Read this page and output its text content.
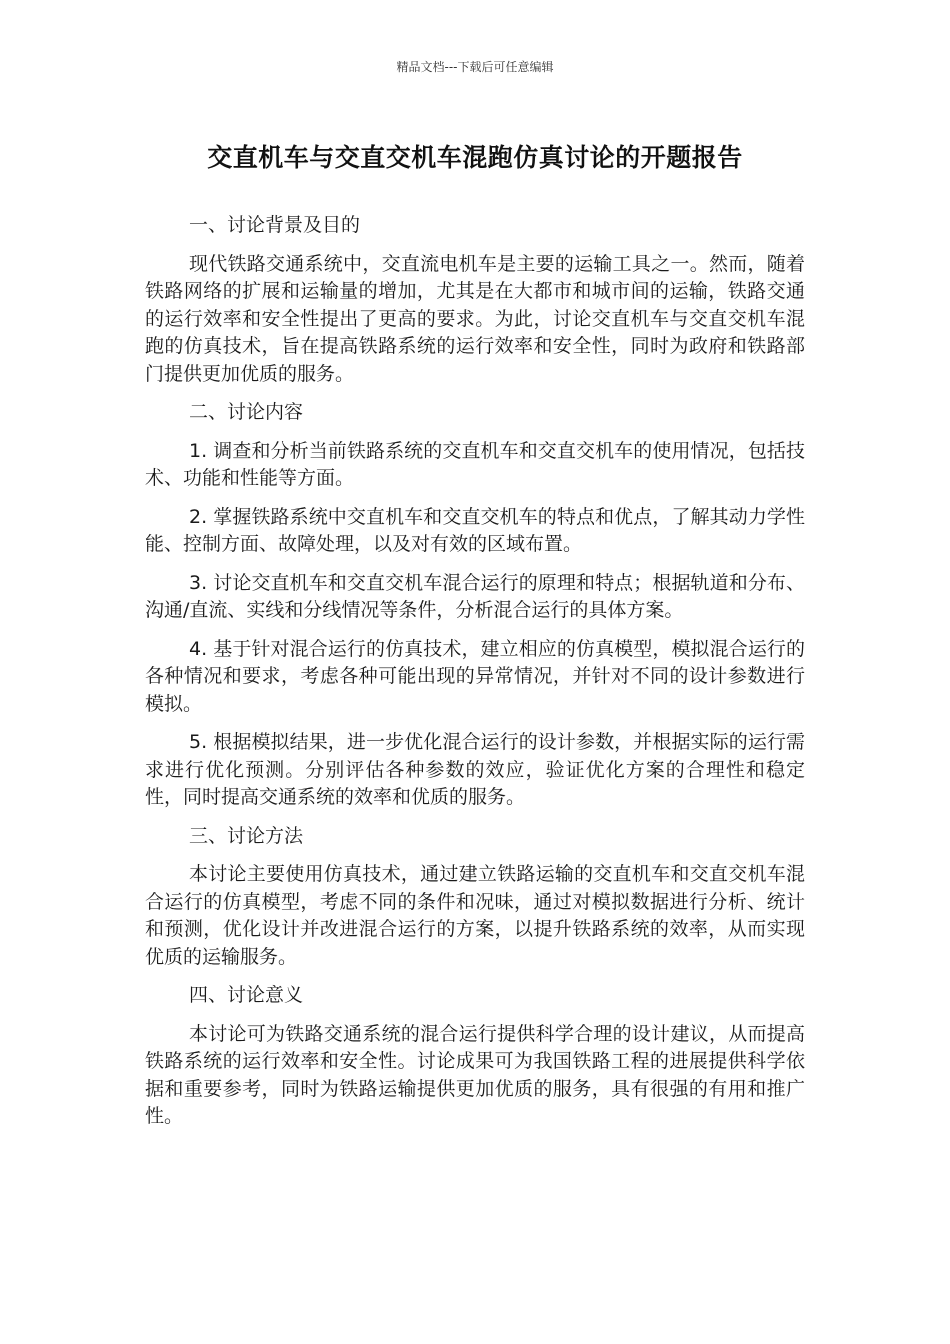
精品文档---下载后可任意编辑
交直机车与交直交机车混跑仿真讨论的开题报告
一、讨论背景及目的
现代铁路交通系统中，交直流电机车是主要的运输工具之一。然而，随着铁路网络的扩展和运输量的增加，尤其是在大都市和城市间的运输，铁路交通的运行效率和安全性提出了更高的要求。为此，讨论交直机车与交直交机车混跑的仿真技术，旨在提高铁路系统的运行效率和安全性，同时为政府和铁路部门提供更加优质的服务。
二、讨论内容
1. 调查和分析当前铁路系统的交直机车和交直交机车的使用情况，包括技术、功能和性能等方面。
2. 掌握铁路系统中交直机车和交直交机车的特点和优点，了解其动力学性能、控制方面、故障处理，以及对有效的区域布置。
3. 讨论交直机车和交直交机车混合运行的原理和特点；根据轨道和分布、沟通/直流、实线和分线情况等条件，分析混合运行的具体方案。
4. 基于针对混合运行的仿真技术，建立相应的仿真模型，模拟混合运行的各种情况和要求，考虑各种可能出现的异常情况，并针对不同的设计参数进行模拟。
5. 根据模拟结果，进一步优化混合运行的设计参数，并根据实际的运行需求进行优化预测。分别评估各种参数的效应，验证优化方案的合理性和稳定性，同时提高交通系统的效率和优质的服务。
三、讨论方法
本讨论主要使用仿真技术，通过建立铁路运输的交直机车和交直交机车混合运行的仿真模型，考虑不同的条件和况味，通过对模拟数据进行分析、统计和预测，优化设计并改进混合运行的方案，以提升铁路系统的效率，从而实现优质的运输服务。
四、讨论意义
本讨论可为铁路交通系统的混合运行提供科学合理的设计建议，从而提高铁路系统的运行效率和安全性。讨论成果可为我国铁路工程的进展提供科学依据和重要参考，同时为铁路运输提供更加优质的服务，具有很强的有用和推广性。
